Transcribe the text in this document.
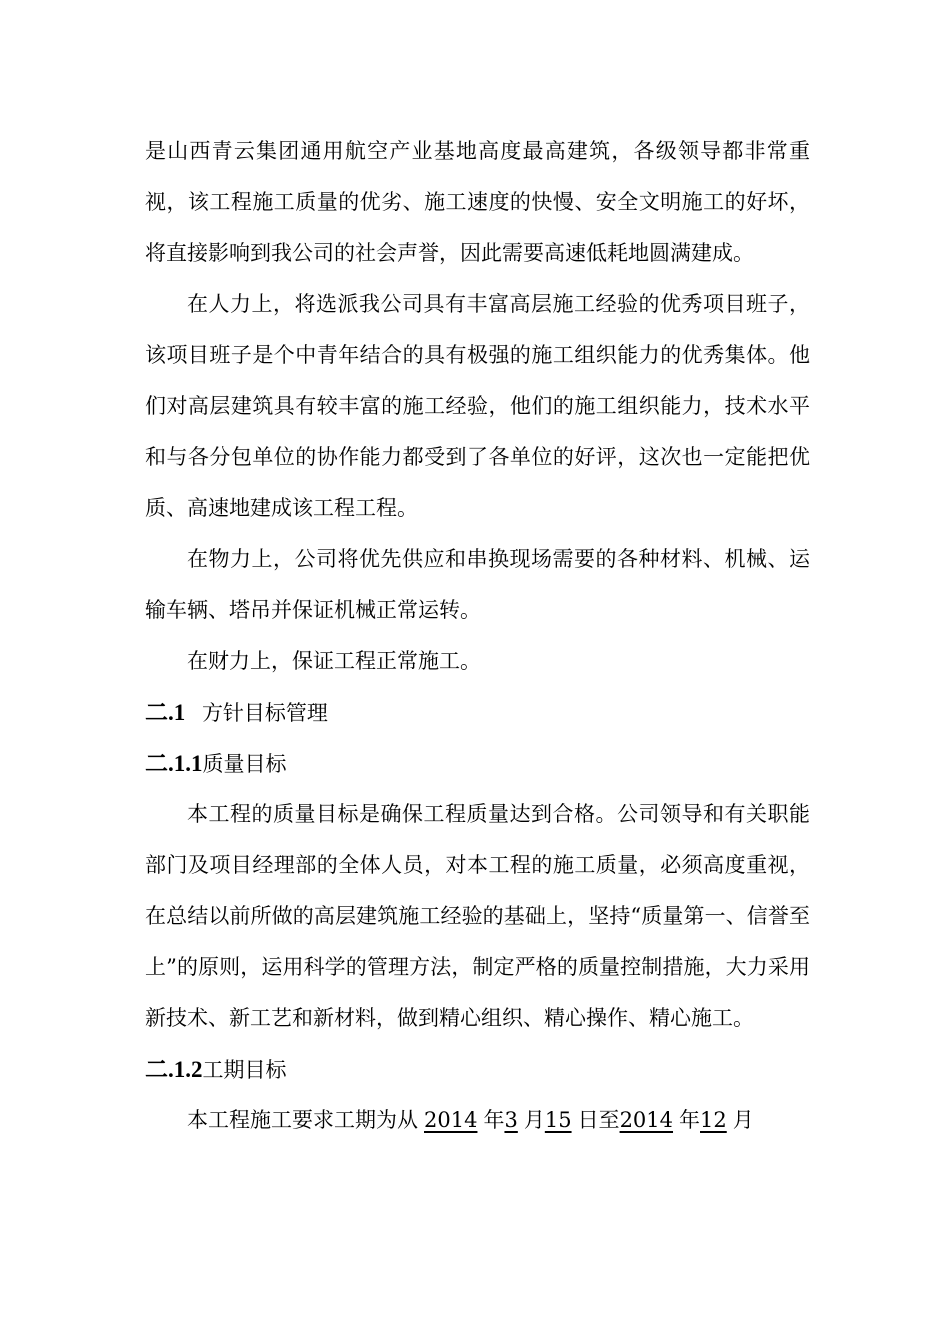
是山西青云集团通用航空产业基地高度最高建筑，各级领导都非常重视，该工程施工质量的优劣、施工速度的快慢、安全文明施工的好坏，将直接影响到我公司的社会声誉，因此需要高速低耗地圆满建成。

在人力上，将选派我公司具有丰富高层施工经验的优秀项目班子，该项目班子是个中青年结合的具有极强的施工组织能力的优秀集体。他们对高层建筑具有较丰富的施工经验，他们的施工组织能力，技术水平和与各分包单位的协作能力都受到了各单位的好评，这次也一定能把优质、高速地建成该工程工程。

在物力上，公司将优先供应和串换现场需要的各种材料、机械、运输车辆、塔吊并保证机械正常运转。

在财力上，保证工程正常施工。

二.1 方针目标管理
二.1.1质量目标

本工程的质量目标是确保工程质量达到合格。公司领导和有关职能部门及项目经理部的全体人员，对本工程的施工质量，必须高度重视，在总结以前所做的高层建筑施工经验的基础上，坚持“质量第一、信誉至上”的原则，运用科学的管理方法，制定严格的质量控制措施，大力采用新技术、新工艺和新材料，做到精心组织、精心操作、精心施工。

二.1.2工期目标

本工程施工要求工期为从 2014 年3 月15 日至2014 年12 月
